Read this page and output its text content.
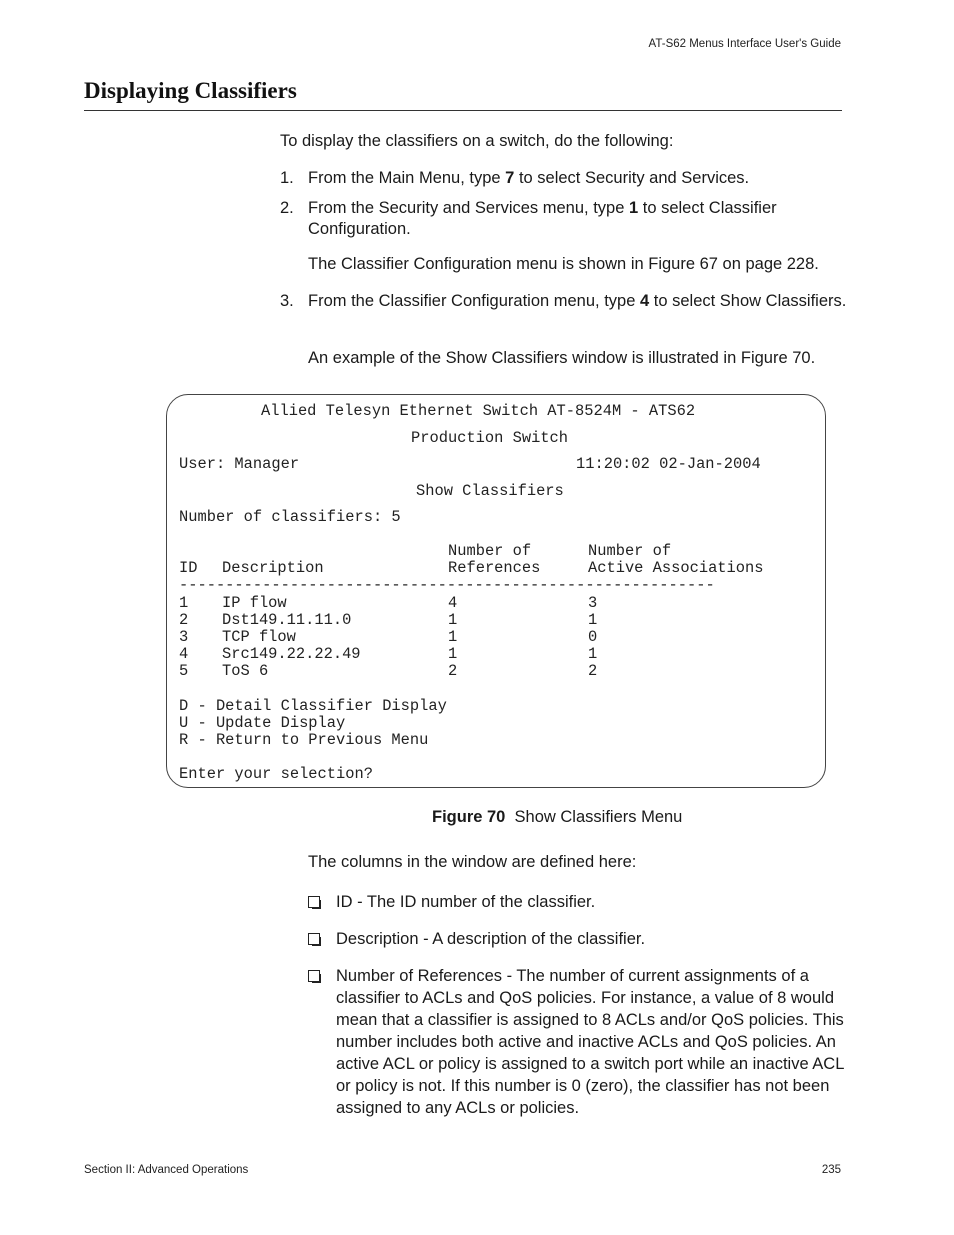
AT-S62 Menus Interface User's Guide
Displaying Classifiers
To display the classifiers on a switch, do the following:
1. From the Main Menu, type 7 to select Security and Services.
2. From the Security and Services menu, type 1 to select Classifier Configuration.
3. From the Classifier Configuration menu, type 4 to select Show Classifiers.
The Classifier Configuration menu is shown in Figure 67 on page 228.
An example of the Show Classifiers window is illustrated in Figure 70.
Allied Telesyn Ethernet Switch AT-8524M - ATS62
Production Switch
User: Manager	11:20:02 02-Jan-2004
Show Classifiers
Number of classifiers: 5
Number of	Number of
ID Description	References	Active Associations
----------------------------------------------------------
1 IP flow	4	3
2 Dst149.11.11.0	1	1
3 TCP flow	1	0
4 Src149.22.22.49	1	1
5 ToS 6	2	2
D - Detail Classifier Display
U - Update Display
R - Return to Previous Menu
Enter your selection?
Figure 70 Show Classifiers Menu
The columns in the window are defined here:
ID - The ID number of the classifier.
Description - A description of the classifier.
Number of References - The number of current assignments of a classifier to ACLs and QoS policies. For instance, a value of 8 would mean that a classifier is assigned to 8 ACLs and/or QoS policies. This number includes both active and inactive ACLs and QoS policies. An active ACL or policy is assigned to a switch port while an inactive ACL or policy is not. If this number is 0 (zero), the classifier has not been assigned to any ACLs or policies.
Section II: Advanced Operations	235
